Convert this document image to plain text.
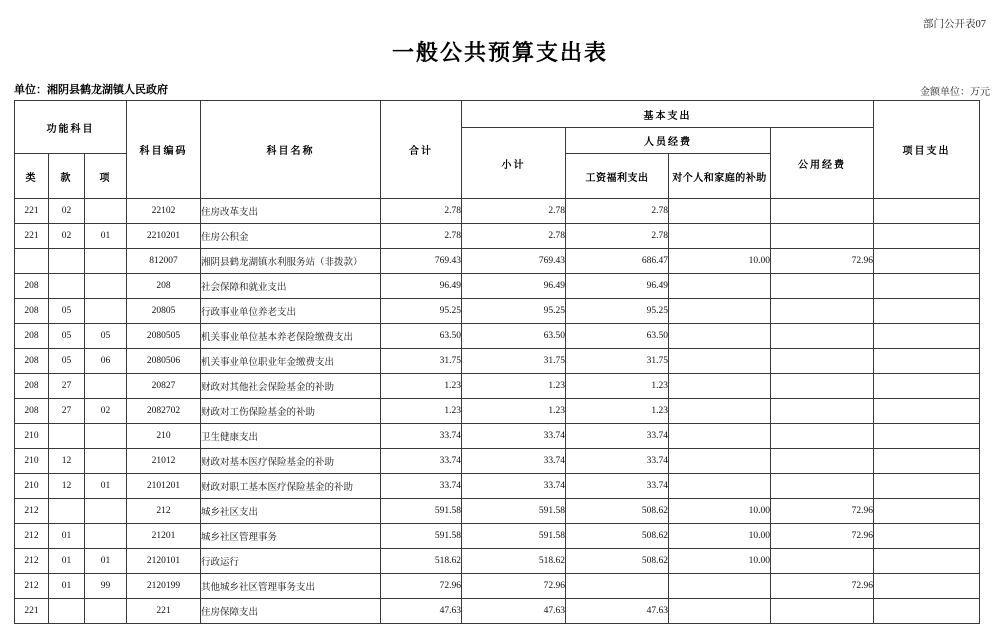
部门公开表07
一般公共预算支出表
单位：湘阴县鹤龙湖镇人民政府	金额单位：万元
功能科目			科目编码	科目名称	合计	基本支出				项目支出
						小计	人员经费		公用经费	
类	款	项					工资福利支出	对个人和家庭的补助		
221	02		22102	住房改革支出	2.78	2.78	2.78			
221	02	01	2210201	住房公积金	2.78	2.78	2.78			
			812007	湘阴县鹤龙湖镇水利服务站（非拨款）	769.43	769.43	686.47	10.00	72.96	
208			208	社会保障和就业支出	96.49	96.49	96.49			
208	05		20805	行政事业单位养老支出	95.25	95.25	95.25			
208	05	05	2080505	机关事业单位基本养老保险缴费支出	63.50	63.50	63.50			
208	05	06	2080506	机关事业单位职业年金缴费支出	31.75	31.75	31.75			
208	27		20827	财政对其他社会保险基金的补助	1.23	1.23	1.23			
208	27	02	2082702	财政对工伤保险基金的补助	1.23	1.23	1.23			
210			210	卫生健康支出	33.74	33.74	33.74			
210	12		21012	财政对基本医疗保险基金的补助	33.74	33.74	33.74			
210	12	01	2101201	财政对职工基本医疗保险基金的补助	33.74	33.74	33.74			
212			212	城乡社区支出	591.58	591.58	508.62	10.00	72.96	
212	01		21201	城乡社区管理事务	591.58	591.58	508.62	10.00	72.96	
212	01	01	2120101	行政运行	518.62	518.62	508.62	10.00		
212	01	99	2120199	其他城乡社区管理事务支出	72.96	72.96			72.96	
221			221	住房保障支出	47.63	47.63	47.63			
